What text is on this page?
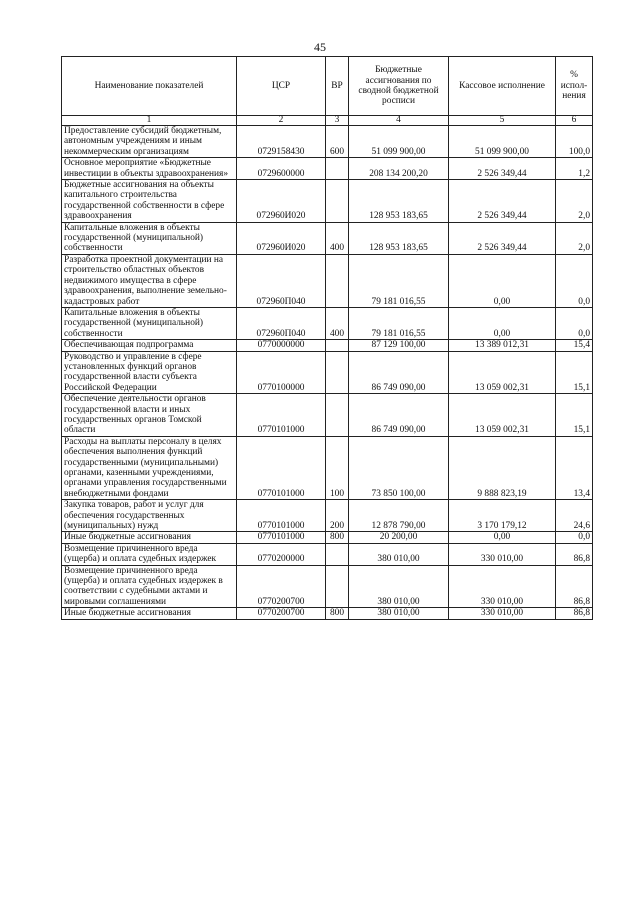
45
Наименование показателей	ЦСР	ВР	Бюджетные ассигнования по сводной бюджетной росписи	Кассовое исполнение	% испол-нения
1	2	3	4	5	6
Предоставление субсидий бюджетным, автономным учреждениям и иным некоммерческим организациям	0729158430	600	51 099 900,00	51 099 900,00	100,0
Основное мероприятие «Бюджетные инвестиции в объекты здравоохранения»	0729600000		208 134 200,20	2 526 349,44	1,2
Бюджетные ассигнования на объекты капитального строительства государственной собственности в сфере здравоохранения	072960И020		128 953 183,65	2 526 349,44	2,0
Капитальные вложения в объекты государственной (муниципальной) собственности	072960И020	400	128 953 183,65	2 526 349,44	2,0
Разработка проектной документации на строительство областных объектов недвижимого имущества в сфере здравоохранения, выполнение земельно-кадастровых работ	072960П040		79 181 016,55	0,00	0,0
Капитальные вложения в объекты государственной (муниципальной) собственности	072960П040	400	79 181 016,55	0,00	0,0
Обеспечивающая подпрограмма	0770000000		87 129 100,00	13 389 012,31	15,4
Руководство и управление в сфере установленных функций органов государственной власти субъекта Российской Федерации	0770100000		86 749 090,00	13 059 002,31	15,1
Обеспечение деятельности органов государственной власти и иных государственных органов Томской области	0770101000		86 749 090,00	13 059 002,31	15,1
Расходы на выплаты персоналу в целях обеспечения выполнения функций государственными (муниципальными) органами, казенными учреждениями, органами управления государственными внебюджетными фондами	0770101000	100	73 850 100,00	9 888 823,19	13,4
Закупка товаров, работ и услуг для обеспечения государственных (муниципальных) нужд	0770101000	200	12 878 790,00	3 170 179,12	24,6
Иные бюджетные ассигнования	0770101000	800	20 200,00	0,00	0,0
Возмещение причиненного вреда (ущерба) и оплата судебных издержек	0770200000		380 010,00	330 010,00	86,8
Возмещение причиненного вреда (ущерба) и оплата судебных издержек в соответствии с судебными актами и мировыми соглашениями	0770200700		380 010,00	330 010,00	86,8
Иные бюджетные ассигнования	0770200700	800	380 010,00	330 010,00	86,8
